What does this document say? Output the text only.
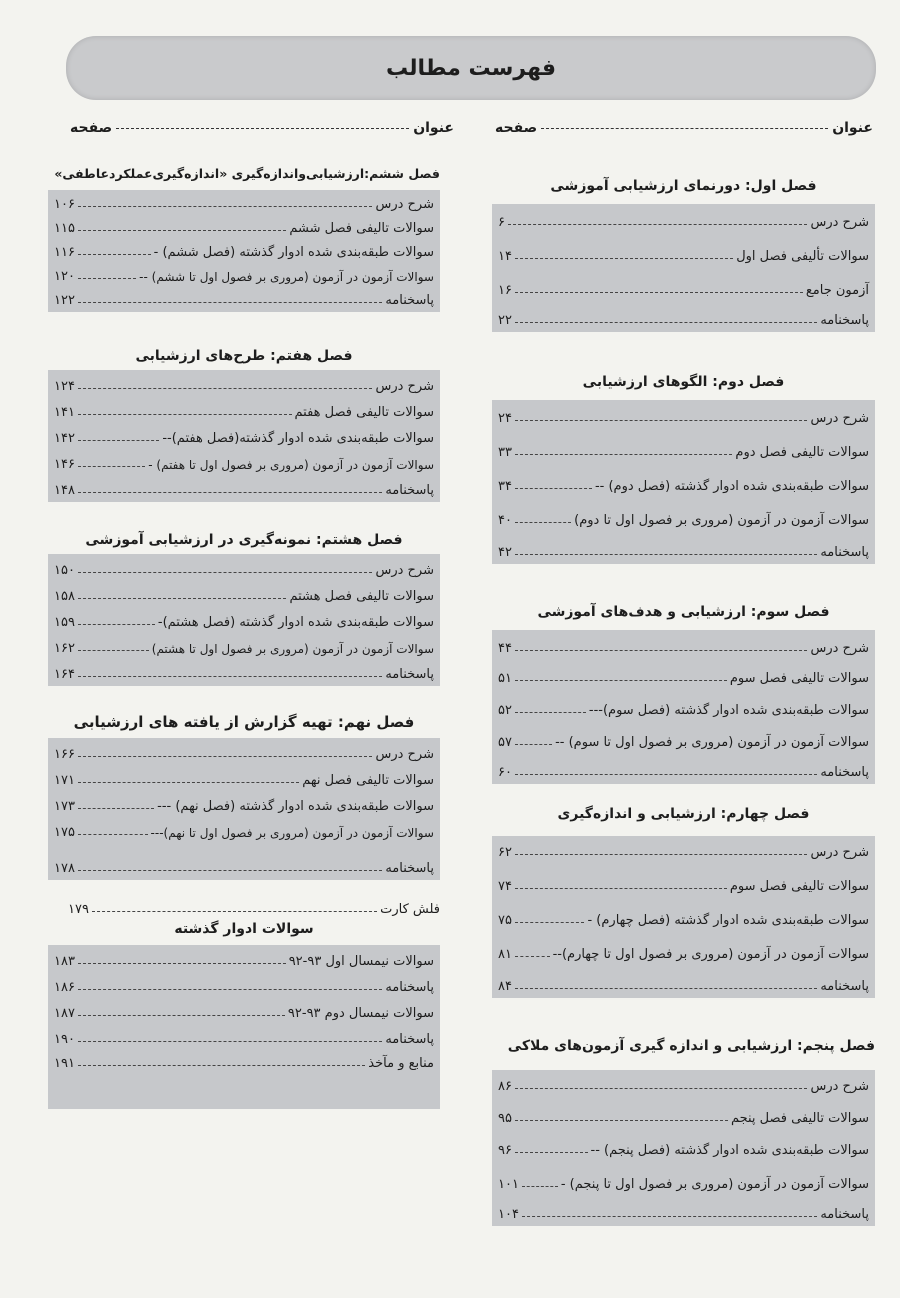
فهرست مطالب
عنوان
صفحه
عنوان
صفحه
فصل اول: دورنمای ارزشیابی آموزشی
شرح درس
۶
سوالات تألیفی فصل اول
۱۴
آزمون جامع
۱۶
پاسخنامه
۲۲
فصل دوم: الگوهای ارزشیابی
شرح درس
۲۴
سوالات تالیفی فصل دوم
۳۳
سوالات طبقه‌بندی شده ادوار گذشته (فصل دوم) --
۳۴
سوالات آزمون در آزمون (مروری بر فصول اول تا دوم)
۴۰
پاسخنامه
۴۲
فصل سوم: ارزشیابی و هدف‌های آموزشی
شرح درس
۴۴
سوالات تالیفی فصل سوم
۵۱
سوالات طبقه‌بندی شده ادوار گذشته (فصل سوم)---
۵۲
سوالات آزمون در آزمون (مروری بر فصول اول تا سوم) --
۵۷
پاسخنامه
۶۰
فصل چهارم: ارزشیابی و اندازه‌گیری
شرح درس
۶۲
سوالات تالیفی فصل سوم
۷۴
سوالات طبقه‌بندی شده ادوار گذشته (فصل چهارم) -
۷۵
سوالات آزمون در آزمون (مروری بر فصول اول تا چهارم)--
۸۱
پاسخنامه
۸۴
فصل پنجم: ارزشیابی و اندازه گیری آزمون‌های ملاکی
شرح درس
۸۶
سوالات تالیفی فصل پنجم
۹۵
سوالات طبقه‌بندی شده ادوار گذشته (فصل پنجم) --
۹۶
سوالات آزمون در آزمون (مروری بر فصول اول تا پنجم) -
۱۰۱
پاسخنامه
۱۰۴
فصل ششم:ارزشیابی‌واندازه‌گیری «اندازه‌گیری‌عملکرد‌عاطفی»
شرح درس
۱۰۶
سوالات تالیفی فصل ششم
۱۱۵
سوالات طبقه‌بندی شده ادوار گذشته (فصل ششم) -
۱۱۶
سوالات آزمون در آزمون (مروری بر فصول اول تا ششم) --
۱۲۰
پاسخنامه
۱۲۲
فصل هفتم: طرح‌های ارزشیابی
شرح درس
۱۲۴
سوالات تالیفی فصل هفتم
۱۴۱
سوالات طبقه‌بندی شده ادوار گذشته(فصل هفتم)--
۱۴۲
سوالات آزمون در آزمون (مروری بر فصول اول تا هفتم) -
۱۴۶
پاسخنامه
۱۴۸
فصل هشتم: نمونه‌گیری در ارزشیابی آموزشی
شرح درس
۱۵۰
سوالات تالیفی فصل هشتم
۱۵۸
سوالات طبقه‌بندی شده ادوار گذشته (فصل هشتم)-
۱۵۹
سوالات آزمون در آزمون (مروری بر فصول اول تا هشتم)
۱۶۲
پاسخنامه
۱۶۴
فصل نهم: تهیه گزارش از یافته های ارزشیابی
شرح درس
۱۶۶
سوالات تالیفی فصل نهم
۱۷۱
سوالات طبقه‌بندی شده ادوار گذشته (فصل نهم) ---
۱۷۳
سوالات آزمون در آزمون (مروری بر فصول اول تا نهم)---
۱۷۵
پاسخنامه
۱۷۸
فلش کارت
۱۷۹
سوالات ادوار گذشته
سوالات نیمسال اول ۹۳-۹۲
۱۸۳
پاسخنامه
۱۸۶
سوالات نیمسال دوم ۹۳-۹۲
۱۸۷
پاسخنامه
۱۹۰
منابع و مآخذ
۱۹۱
